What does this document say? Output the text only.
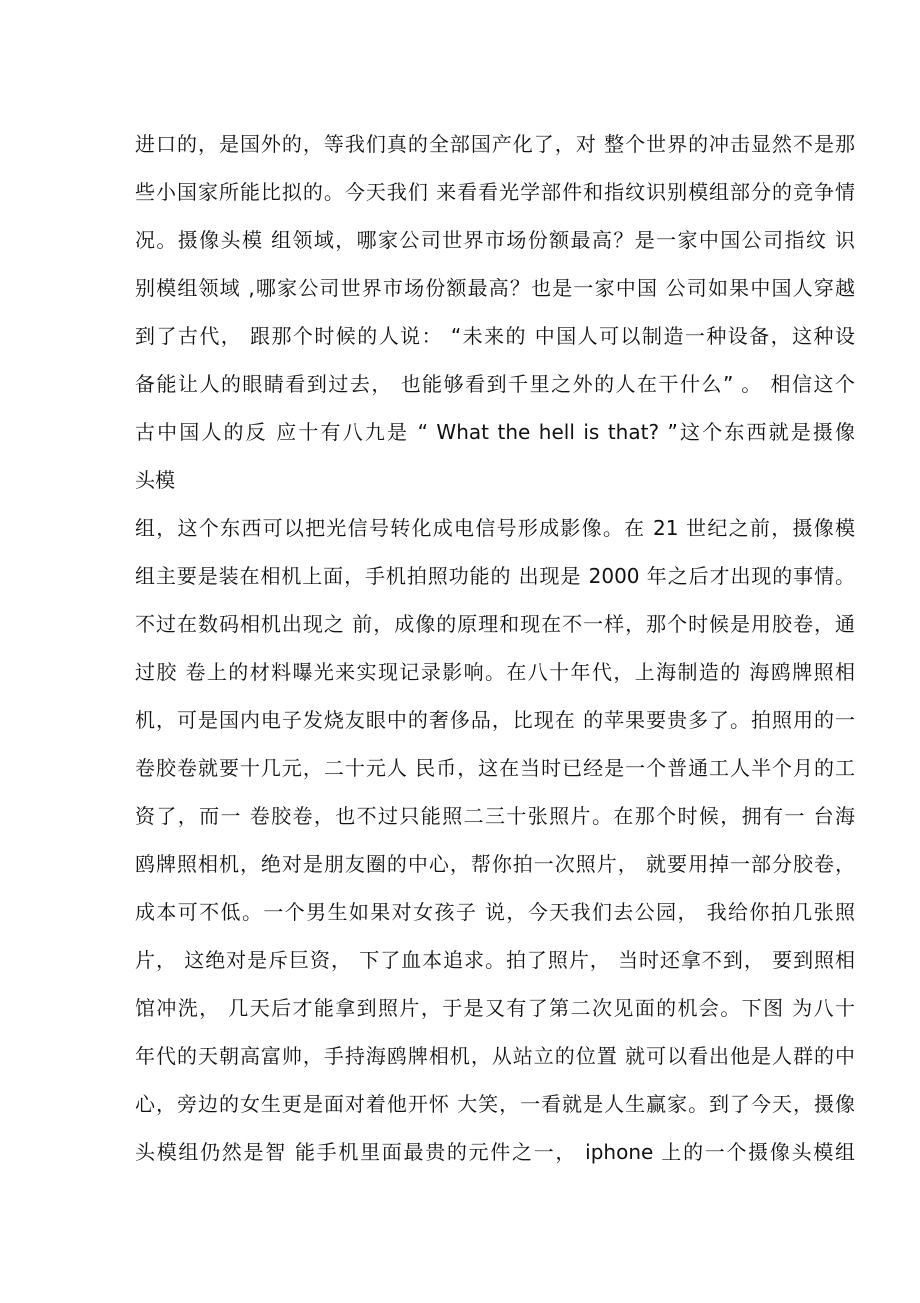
进口的，是国外的，等我们真的全部国产化了，对 整个世界的冲击显然不是那
些小国家所能比拟的。今天我们 来看看光学部件和指纹识别模组部分的竞争情
况。摄像头模 组领域，哪家公司世界市场份额最高？是一家中国公司指纹 识
别模组领域 ,哪家公司世界市场份额最高？也是一家中国 公司如果中国人穿越
到了古代， 跟那个时候的人说： “未来的 中国人可以制造一种设备，这种设
备能让人的眼睛看到过去， 也能够看到千里之外的人在干什么” 。 相信这个
古中国人的反 应十有八九是 “ What the hell is that? ”这个东西就是摄像
头模
组，这个东西可以把光信号转化成电信号形成影像。在 21 世纪之前，摄像模
组主要是装在相机上面，手机拍照功能的 出现是 2000 年之后才出现的事情。
不过在数码相机出现之 前，成像的原理和现在不一样，那个时候是用胶卷，通
过胶 卷上的材料曝光来实现记录影响。在八十年代，上海制造的 海鸥牌照相
机，可是国内电子发烧友眼中的奢侈品，比现在 的苹果要贵多了。拍照用的一
卷胶卷就要十几元，二十元人 民币，这在当时已经是一个普通工人半个月的工
资了，而一 卷胶卷，也不过只能照二三十张照片。在那个时候，拥有一 台海
鸥牌照相机，绝对是朋友圈的中心，帮你拍一次照片， 就要用掉一部分胶卷，
成本可不低。一个男生如果对女孩子 说，今天我们去公园， 我给你拍几张照
片， 这绝对是斥巨资， 下了血本追求。拍了照片， 当时还拿不到， 要到照相
馆冲洗， 几天后才能拿到照片，于是又有了第二次见面的机会。下图 为八十
年代的天朝高富帅，手持海鸥牌相机，从站立的位置 就可以看出他是人群的中
心，旁边的女生更是面对着他开怀 大笑，一看就是人生赢家。到了今天，摄像
头模组仍然是智 能手机里面最贵的元件之一， iphone 上的一个摄像头模组
